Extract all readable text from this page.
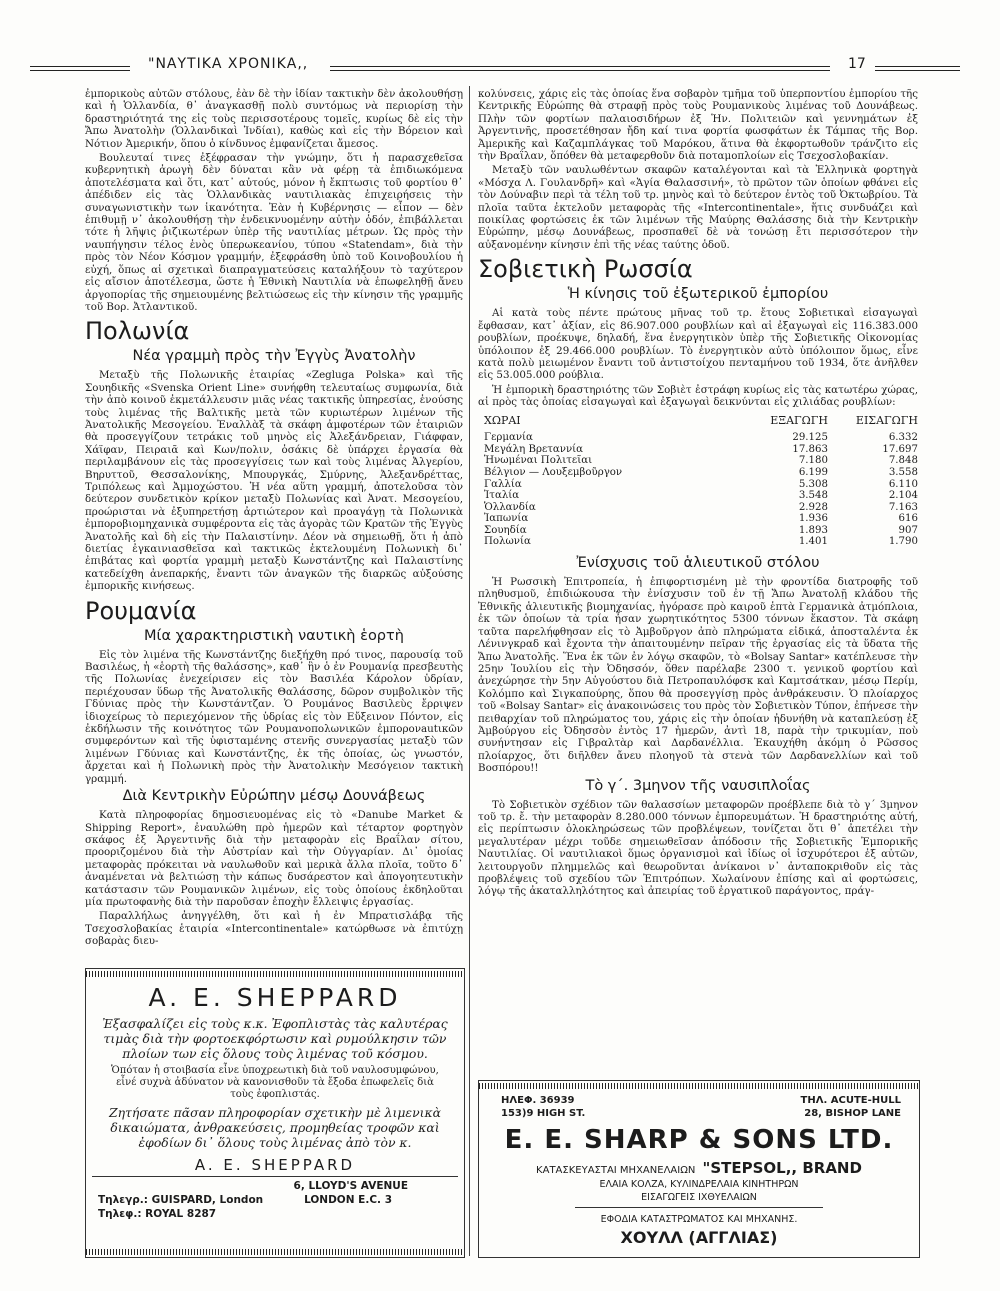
"ΝΑΥΤΙΚΑ ΧΡΟΝΙΚΑ,,	17

ἐμπορικοὺς αὐτῶν στόλους, ἐὰν δὲ τὴν ἰδίαν τακτικὴν δὲν ἀκολουθήσῃ καὶ ἡ Ὁλλανδία, θ᾽ ἀναγκασθῇ πολὺ συντόμως νὰ περιορίσῃ τὴν δραστηριότητά της εἰς τοὺς περισσοτέρους τομεῖς, κυρίως δὲ εἰς τὴν Ἄπω Ἀνατολὴν (Ὁλλανδικαὶ Ἰνδίαι), καθὼς καὶ εἰς τὴν Βόρειον καὶ Νότιον Ἀμερικήν, ὅπου ὁ κίνδυνος ἐμφανίζεται ἄμεσος.

Βουλευταί τινες ἐξέφρασαν τὴν γνώμην, ὅτι ἡ παρασχεθεῖσα κυβερνητικὴ ἀρωγὴ δὲν δύναται κἂν νὰ φέρῃ τὰ ἐπιδιωκόμενα ἀποτελέσματα καὶ ὅτι, κατ᾽ αὐτούς, μόνον ἡ ἔκπτωσις τοῦ φορτίου θ᾽ ἀπέδιδεν εἰς τὰς Ὁλλανδικὰς ναυτιλιακὰς ἐπιχειρήσεις τὴν συναγωνιστικὴν των ἱκανότητα. Ἐὰν ἡ Κυβέρνησις — εἶπον — δὲν ἐπιθυμῇ ν᾽ ἀκολουθήσῃ τὴν ἐνδεικνυομένην αὐτὴν ὁδόν, ἐπιβάλλεται τότε ἡ λῆψις ῥιζικωτέρων ὑπὲρ τῆς ναυτιλίας μέτρων. Ὡς πρὸς τὴν ναυπήγησιν τέλος ἑνὸς ὑπερωκεανίου, τύπου «Statendam», διὰ τὴν πρὸς τὸν Νέον Κόσμον γραμμήν, ἐξεφράσθη ὑπὸ τοῦ Κοινοβουλίου ἡ εὐχή, ὅπως αἱ σχετικαὶ διαπραγματεύσεις καταλήξουν τὸ ταχύτερον εἰς αἴσιον ἀποτέλεσμα, ὥστε ἡ Ἐθνικὴ Ναυτιλία νὰ ἐπωφεληθῇ ἄνευ ἀργοπορίας τῆς σημειουμένης βελτιώσεως εἰς τὴν κίνησιν τῆς γραμμῆς τοῦ Βορ. Ἀτλαντικοῦ.

Πολωνία
Νέα γραμμὴ πρὸς τὴν Ἐγγὺς Ἀνατολὴν

Μεταξὺ τῆς Πολωνικῆς ἑταιρίας «Zegluga Polska» καὶ τῆς Σουηδικῆς «Svenska Orient Line» συνήφθη τελευταίως συμφωνία, διὰ τὴν ἀπὸ κοινοῦ ἐκμετάλλευσιν μιᾶς νέας τακτικῆς ὑπηρεσίας, ἑνούσης τοὺς λιμένας τῆς Βαλτικῆς μετὰ τῶν κυριωτέρων λιμένων τῆς Ἀνατολικῆς Μεσογείου. Ἐναλλὰξ τὰ σκάφη ἀμφοτέρων τῶν ἑταιριῶν θὰ προσεγγίζουν τετράκις τοῦ μηνὸς εἰς Ἀλεξάνδρειαν, Γιάφφαν, Χάϊφαν, Πειραιᾶ καὶ Κων/πολιν, ὁσάκις δὲ ὑπάρχει ἐργασία θὰ περιλαμβάνουν εἰς τὰς προσεγγίσεις των καὶ τοὺς λιμένας Ἀλγερίου, Βηρυττοῦ, Θεσσαλονίκης, Μπουργκάς, Σμύρνης, Ἀλεξανδρέττας, Τριπόλεως καὶ Ἀμμοχώστου. Ἡ νέα αὕτη γραμμή, ἀποτελοῦσα τὸν δεύτερον συνδετικὸν κρίκον μεταξὺ Πολωνίας καὶ Ἀνατ. Μεσογείου, προώρισται νὰ ἐξυπηρετήσῃ ἀρτιώτερον καὶ προαγάγῃ τὰ Πολωνικὰ ἐμποροβιομηχανικὰ συμφέροντα εἰς τὰς ἀγορὰς τῶν Κρατῶν τῆς Ἐγγὺς Ἀνατολῆς καὶ δὴ εἰς τὴν Παλαιστίνην. Δέον νὰ σημειωθῇ, ὅτι ἡ ἀπὸ διετίας ἐγκαινιασθεῖσα καὶ τακτικῶς ἐκτελουμένη Πολωνικὴ δι᾽ ἐπιβάτας καὶ φορτία γραμμὴ μεταξὺ Κωνστάντζης καὶ Παλαιστίνης κατεδείχθη ἀνεπαρκής, ἔναντι τῶν ἀναγκῶν τῆς διαρκῶς αὐξούσης ἐμπορικῆς κινήσεως.

Ρουμανία
Μία χαρακτηριστικὴ ναυτικὴ ἑορτὴ

Εἰς τὸν λιμένα τῆς Κωνστάντζης διεξήχθη πρό τινος, παρουσίᾳ τοῦ Βασιλέως, ἡ «ἑορτὴ τῆς θαλάσσης», καθ᾽ ἣν ὁ ἐν Ρουμανίᾳ πρεσβευτὴς τῆς Πολωνίας ἐνεχείρισεν εἰς τὸν Βασιλέα Κάρολον ὑδρίαν, περιέχουσαν ὕδωρ τῆς Ἀνατολικῆς Θαλάσσης, δῶρον συμβολικὸν τῆς Γδύνιας πρὸς τὴν Κωνστάντζαν. Ὁ Ρουμάνος Βασιλεὺς ἔρριψεν ἰδιοχείρως τὸ περιεχόμενον τῆς ὑδρίας εἰς τὸν Εὔξεινον Πόντον, εἰς ἐκδήλωσιν τῆς κοινότητος τῶν Ρουμανοπολωνικῶν ἐμπορονautικῶν συμφερόντων καὶ τῆς ὑφισταμένης στενῆς συνεργασίας μεταξὺ τῶν λιμένων Γδύνιας καὶ Κωνστάντζης, ἐκ τῆς ὁποίας, ὡς γνωστόν, ἄρχεται καὶ ἡ Πολωνικὴ πρὸς τὴν Ἀνατολικὴν Μεσόγειον τακτικὴ γραμμή.

Διὰ Κεντρικὴν Εὐρώπην μέσῳ Δουνάβεως

Κατὰ πληροφορίας δημοσιευομένας εἰς τὸ «Danube Market & Shipping Report», ἐναυλώθη πρὸ ἡμερῶν καὶ τέταρτον φορτηγὸν σκάφος ἐξ Ἀργεντινῆς διὰ τὴν μεταφορὰν εἰς Βραΐλαν σίτου, προοριζομένου διὰ τὴν Αὐστρίαν καὶ τὴν Οὐγγαρίαν. Δι᾽ ὁμοίας μεταφορὰς πρόκειται νὰ ναυλωθοῦν καὶ μερικὰ ἄλλα πλοῖα, τοῦτο δ᾽ ἀναμένεται νὰ βελτιώσῃ τὴν κάπως δυσάρεστον καὶ ἀπογοητευτικὴν κατάστασιν τῶν Ρουμανικῶν λιμένων, εἰς τοὺς ὁποίους ἐκδηλοῦται μία πρωτοφανὴς διὰ τὴν παροῦσαν ἐποχὴν ἔλλειψις ἐργασίας.

Παραλλήλως ἀνηγγέλθη, ὅτι καὶ ἡ ἐν Μπρατισλάβᾳ τῆς Τσεχοσλοβακίας ἑταιρία «Intercontinentale» κατώρθωσε νὰ ἐπιτύχῃ σοβαρὰς διευ-

κολύνσεις, χάρις εἰς τὰς ὁποίας ἕνα σοβαρὸν τμῆμα τοῦ ὑπερποντίου ἐμπορίου τῆς Κεντρικῆς Εὐρώπης θὰ στραφῇ πρὸς τοὺς Ρουμανικοὺς λιμένας τοῦ Δουνάβεως. Πλὴν τῶν φορτίων παλαιοσιδήρων ἐξ Ἡν. Πολιτειῶν καὶ γεννημάτων ἐξ Ἀργεντινῆς, προσετέθησαν ἤδη καί τινα φορτία φωσφάτων ἐκ Τάμπας τῆς Βορ. Ἀμερικῆς καὶ Καζαμπλάγκας τοῦ Μαρόκου, ἅτινα θὰ ἐκφορτωθοῦν τράνζιτο εἰς τὴν Βραΐλαν, ὅπόθεν θὰ μεταφερθοῦν διὰ ποταμοπλοίων εἰς Τσεχοσλοβακίαν.

Μεταξὺ τῶν ναυλωθέντων σκαφῶν καταλέγονται καὶ τὰ Ἑλληνικὰ φορτηγὰ «Μόσχα Λ. Γουλανδρῆ» καὶ «Ἁγία Θαλασσινή», τὸ πρῶτον τῶν ὁποίων φθάνει εἰς τὸν Δούναβιν περὶ τὰ τέλη τοῦ τρ. μηνὸς καὶ τὸ δεύτερον ἐντὸς τοῦ Ὀκτωβρίου. Τὰ πλοῖα ταῦτα ἐκτελοῦν μεταφορὰς τῆς «Intercontinentale», ἥτις συνδυάζει καὶ ποικίλας φορτώσεις ἐκ τῶν λιμένων τῆς Μαύρης Θαλάσσης διὰ τὴν Κεντρικὴν Εὐρώπην, μέσῳ Δουνάβεως, προσπαθεῖ δὲ νὰ τονώσῃ ἔτι περισσότερον τὴν αὐξανομένην κίνησιν ἐπὶ τῆς νέας ταύτης ὁδοῦ.

Σοβιετικὴ Ρωσσία
Ἡ κίνησις τοῦ ἐξωτερικοῦ ἐμπορίου

Αἱ κατὰ τοὺς πέντε πρώτους μῆνας τοῦ τρ. ἔτους Σοβιετικαὶ εἰσαγωγαὶ ἔφθασαν, κατ᾽ ἀξίαν, εἰς 86.907.000 ρουβλίων καὶ αἱ ἐξαγωγαὶ εἰς 116.383.000 ρουβλίων, προέκυψε, δηλαδή, ἕνα ἐνεργητικὸν ὑπὲρ τῆς Σοβιετικῆς Οἰκονομίας ὑπόλοιπον ἐξ 29.466.000 ρουβλίων. Τὸ ἐνεργητικὸν αὐτὸ ὑπόλοιπον ὅμως, εἶνε κατὰ πολὺ μειωμένον ἔναντι τοῦ ἀντιστοίχου πενταμήνου τοῦ 1934, ὅτε ἀνῆλθεν εἰς 53.005.000 ρούβλια.

Ἡ ἐμπορικὴ δραστηριότης τῶν Σοβιὲτ ἐστράφη κυρίως εἰς τὰς κατωτέρω χώρας, αἱ πρὸς τὰς ὁποίας εἰσαγωγαὶ καὶ ἐξαγωγαὶ δεικνύνται εἰς χιλιάδας ρουβλίων:

ΧΩΡΑΙ	ΕΞΑΓΩΓΗ	ΕΙΣΑΓΩΓΗ
Γερμανία	29.125	6.332
Μεγάλη Βρεταννία	17.863	17.697
Ἡνωμέναι Πολιτεῖαι	7.180	7.848
Βέλγιον — Λουξεμβοῦργον	6.199	3.558
Γαλλία	5.308	6.110
Ἰταλία	3.548	2.104
Ὁλλανδία	2.928	7.163
Ἰαπωνία	1.936	616
Σουηδία	1.893	907
Πολωνία	1.401	1.790
Ἐνίσχυσις τοῦ ἁλιευτικοῦ στόλου

Ἡ Ρωσσικὴ Ἐπιτροπεία, ἡ ἐπιφορτισμένη μὲ τὴν φροντίδα διατροφῆς τοῦ πληθυσμοῦ, ἐπιδιώκουσα τὴν ἐνίσχυσιν τοῦ ἐν τῇ Ἄπω Ἀνατολῇ κλάδου τῆς Ἐθνικῆς ἁλιευτικῆς βιομηχανίας, ἠγόρασε πρὸ καιροῦ ἑπτὰ Γερμανικὰ ἀτμόπλοια, ἐκ τῶν ὁποίων τὰ τρία ἦσαν χωρητικότητος 5300 τόννων ἕκαστον. Τὰ σκάφη ταῦτα παρελήφθησαν εἰς τὸ Ἀμβοῦργον ἀπὸ πληρώματα εἰδικά, ἀποσταλέντα ἐκ Λένινγκραδ καὶ ἔχοντα τὴν ἀπαιτουμένην πεῖραν τῆς ἐργασίας εἰς τὰ ὕδατα τῆς Ἄπω Ἀνατολῆς. Ἕνα ἐκ τῶν ἐν λόγῳ σκαφῶν, τὸ «Bolsay Santar» κατέπλευσε τὴν 25ην Ἰουλίου εἰς τὴν Ὀδησσόν, ὅθεν παρέλαβε 2300 τ. γενικοῦ φορτίου καὶ ἀνεχώρησε τὴν 5ην Αὐγούστου διὰ Πετροπαυλόφσκ καὶ Καμτσάτκαν, μέσῳ Περίμ, Κολόμπο καὶ Σιγκαπούρης, ὅπου θὰ προσεγγίσῃ πρὸς ἀνθράκευσιν. Ὁ πλοίαρχος τοῦ «Bolsay Santar» εἰς ἀνακοινώσεις του πρὸς τὸν Σοβιετικὸν Τύπον, ἐπήνεσε τὴν πειθαρχίαν τοῦ πληρώματος του, χάρις εἰς τὴν ὁποίαν ἠδυνήθη νὰ καταπλεύσῃ ἐξ Ἀμβούργου εἰς Ὀδησσὸν ἐντὸς 17 ἡμερῶν, ἀντὶ 18, παρὰ τὴν τρικυμίαν, ποὺ συνήντησαν εἰς Γιβραλτὰρ καὶ Δαρδανέλλια. Ἐκαυχήθη ἀκόμη ὁ Ρῶσσος πλοίαρχος, ὅτι διῆλθεν ἄνευ πλοηγοῦ τὰ στενὰ τῶν Δαρδανελλίων καὶ τοῦ Βοσπόρου!!

Τὸ γ΄. 3μηνον τῆς ναυσιπλοΐας

Τὸ Σοβιετικὸν σχέδιον τῶν θαλασσίων μεταφορῶν προέβλεπε διὰ τὸ γ΄ 3μηνον τοῦ τρ. ἔ. τὴν μεταφορὰν 8.280.000 τόννων ἐμπορευμάτων. Ἡ δραστηριότης αὐτή, εἰς περίπτωσιν ὁλοκληρώσεως τῶν προβλέψεων, τονίζεται ὅτι θ᾽ ἀπετέλει τὴν μεγαλυτέραν μέχρι τοῦδε σημειωθεῖσαν ἀπόδοσιν τῆς Σοβιετικῆς Ἐμπορικῆς Ναυτιλίας. Οἱ ναυτιλιακοὶ ὅμως ὀργανισμοὶ καὶ ἰδίως οἱ ἰσχυρότεροι ἐξ αὐτῶν, λειτουργοῦν πλημμελῶς καὶ θεωροῦνται ἀνίκανοι ν᾽ ἀνταποκριθοῦν εἰς τὰς προβλέψεις τοῦ σχεδίου τῶν Ἐπιτρόπων. Χωλαίνουν ἐπίσης καὶ αἱ φορτώσεις, λόγῳ τῆς ἀκαταλληλότητος καὶ ἀπειρίας τοῦ ἐργατικοῦ παράγοντος, πράγ-

A. E. SHEPPARD
Ἐξασφαλίζει εἰς τοὺς κ.κ. Ἐφοπλιστὰς τὰς καλυτέρας τιμὰς διὰ τὴν φορτοεκφόρτωσιν καὶ ρυμούλκησιν τῶν πλοίων των εἰς ὅλους τοὺς λιμένας τοῦ κόσμου.
Ὁπόταν ἡ στοιβασία εἶνε ὑποχρεωτικὴ διὰ τοῦ ναυλοσυμφώνου, εἶνέ συχνὰ ἀδύνατον νὰ κανονισθοῦν τὰ ἔξοδα ἐπωφελεῖς διὰ τοὺς ἐφοπλιστάς.
Ζητήσατε πᾶσαν πληροφορίαν σχετικὴν μὲ λιμενικὰ δικαιώματα, ἀνθρακεύσεις, προμηθείας τροφῶν καὶ ἐφοδίων δι᾽ ὅλους τοὺς λιμένας ἀπὸ τὸν κ.
A. E. SHEPPARD
6, LLOYD'S AVENUE
Τηλεγρ.: GUISPARD, London	LONDON E.C. 3
Τηλεφ.: ROYAL 8287
ΗΛΕΦ. 36939
153)9 HIGH ST.
ΤΗΛ. ACUTE-HULL
28, BISHOP LANE
E. E. SHARP & SONS LTD.
ΚΑΤΑΣΚΕΥΑΣΤΑΙ ΜΗΧΑΝΕΛΑΙΩΝ "STEPSOL,, BRAND
ΕΛΑΙΑ ΚΟΛΖΑ, ΚΥΛΙΝΔΡΕΛΑΙΑ ΚΙΝΗΤΗΡΩΝ
ΕΙΣΑΓΩΓΕΙΣ ΙΧΘΥΕΛΑΙΩΝ
ΕΦΟΔΙΑ ΚΑΤΑΣΤΡΩΜΑΤΟΣ ΚΑΙ ΜΗΧΑΝΗΣ.
ΧΟΥΛΛ (ΑΓΓΛΙΑΣ)
